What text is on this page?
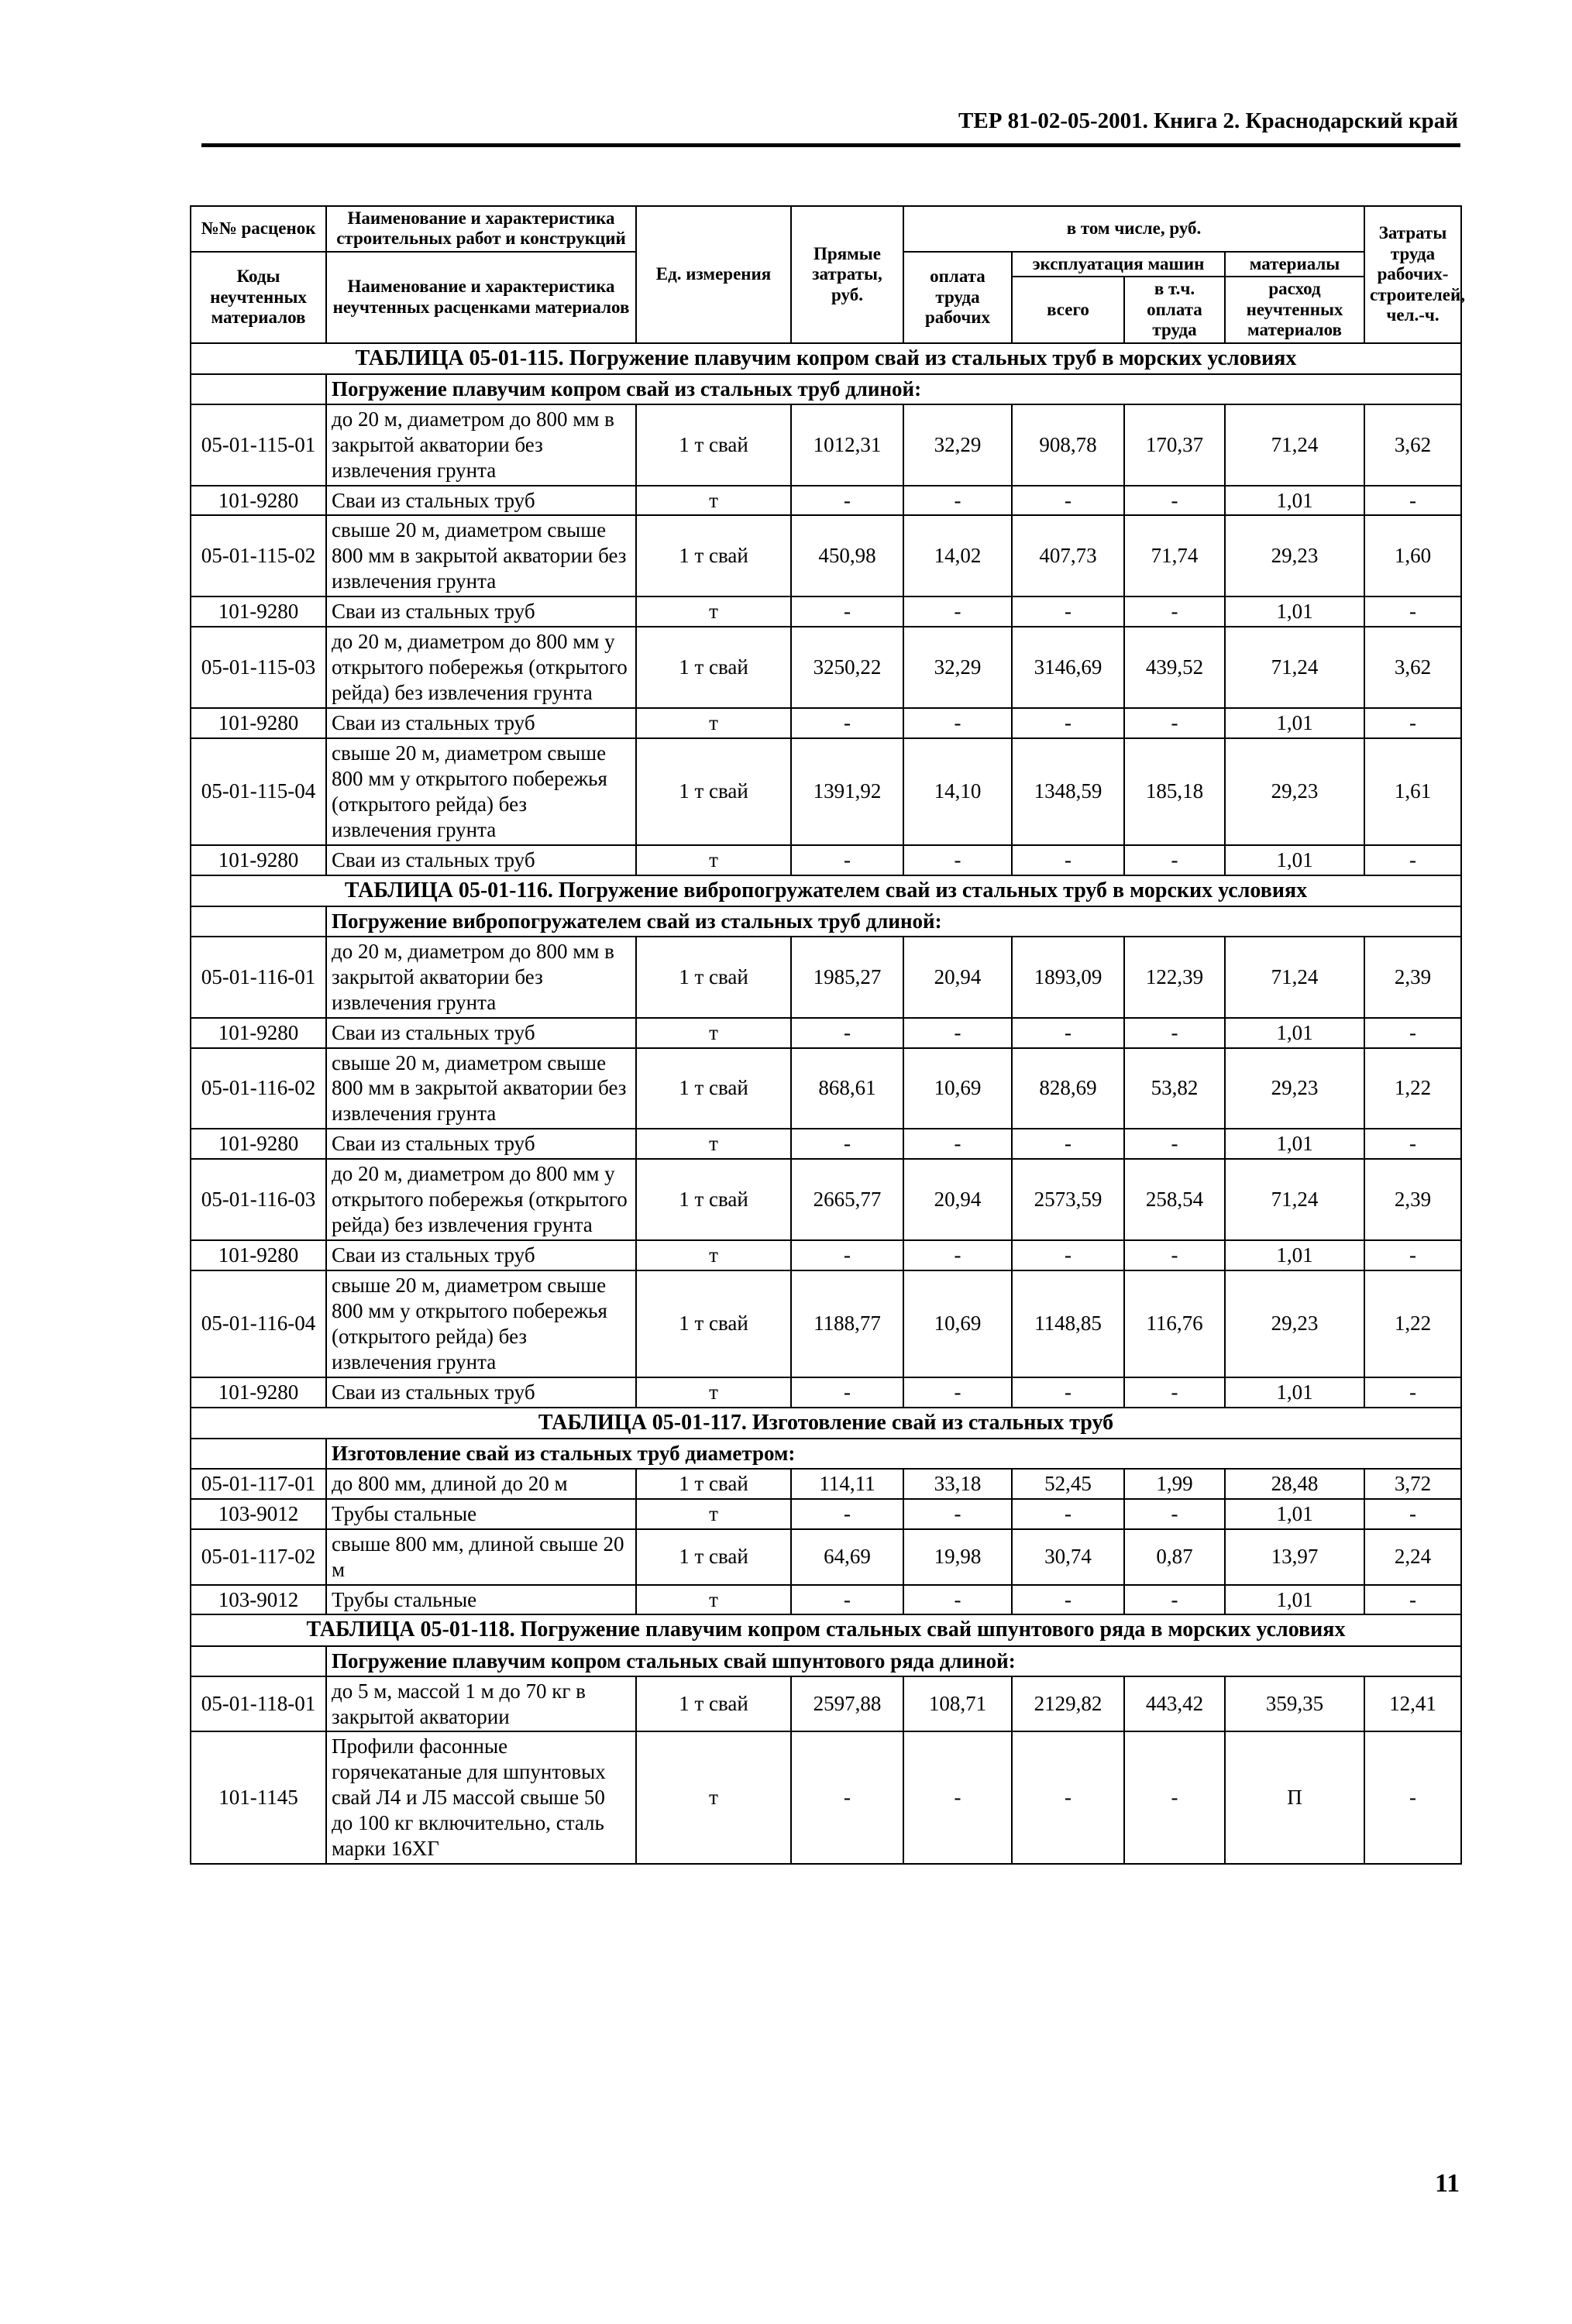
ТЕР 81-02-05-2001. Книга 2. Краснодарский край
№№ расценок	Наименование и характеристика строительных работ и конструкций	Ед. измерения	Прямые затраты, руб.	в том числе, руб.				Затраты труда рабочих-строителей, чел.-ч.
Коды неучтенных материалов	Наименование и характеристика неучтенных расценками материалов			оплата труда рабочих	эксплуатация машин		материалы	
					всего	в т.ч. оплата труда	расход неучтенных материалов	
ТАБЛИЦА 05-01-115. Погружение плавучим копром свай из стальных труб в морских условиях								
	Погружение плавучим копром свай из стальных труб длиной:							
05-01-115-01	до 20 м, диаметром до 800 мм в закрытой акватории без извлечения грунта	1 т свай	1012,31	32,29	908,78	170,37	71,24	3,62
101-9280	Сваи из стальных труб	т	-	-	-	-	1,01	-
05-01-115-02	свыше 20 м, диаметром свыше 800 мм в закрытой акватории без извлечения грунта	1 т свай	450,98	14,02	407,73	71,74	29,23	1,60
101-9280	Сваи из стальных труб	т	-	-	-	-	1,01	-
05-01-115-03	до 20 м, диаметром до 800 мм у открытого побережья (открытого рейда) без извлечения грунта	1 т свай	3250,22	32,29	3146,69	439,52	71,24	3,62
101-9280	Сваи из стальных труб	т	-	-	-	-	1,01	-
05-01-115-04	свыше 20 м, диаметром свыше 800 мм у открытого побережья (открытого рейда) без извлечения грунта	1 т свай	1391,92	14,10	1348,59	185,18	29,23	1,61
101-9280	Сваи из стальных труб	т	-	-	-	-	1,01	-
ТАБЛИЦА 05-01-116. Погружение вибропогружателем свай из стальных труб в морских условиях								
	Погружение вибропогружателем свай из стальных труб длиной:							
05-01-116-01	до 20 м, диаметром до 800 мм в закрытой акватории без извлечения грунта	1 т свай	1985,27	20,94	1893,09	122,39	71,24	2,39
101-9280	Сваи из стальных труб	т	-	-	-	-	1,01	-
05-01-116-02	свыше 20 м, диаметром свыше 800 мм в закрытой акватории без извлечения грунта	1 т свай	868,61	10,69	828,69	53,82	29,23	1,22
101-9280	Сваи из стальных труб	т	-	-	-	-	1,01	-
05-01-116-03	до 20 м, диаметром до 800 мм у открытого побережья (открытого рейда) без извлечения грунта	1 т свай	2665,77	20,94	2573,59	258,54	71,24	2,39
101-9280	Сваи из стальных труб	т	-	-	-	-	1,01	-
05-01-116-04	свыше 20 м, диаметром свыше 800 мм у открытого побережья (открытого рейда) без извлечения грунта	1 т свай	1188,77	10,69	1148,85	116,76	29,23	1,22
101-9280	Сваи из стальных труб	т	-	-	-	-	1,01	-
ТАБЛИЦА 05-01-117. Изготовление свай из стальных труб								
	Изготовление свай из стальных труб диаметром:							
05-01-117-01	до 800 мм, длиной до 20 м	1 т свай	114,11	33,18	52,45	1,99	28,48	3,72
103-9012	Трубы стальные	т	-	-	-	-	1,01	-
05-01-117-02	свыше 800 мм, длиной свыше 20 м	1 т свай	64,69	19,98	30,74	0,87	13,97	2,24
103-9012	Трубы стальные	т	-	-	-	-	1,01	-
ТАБЛИЦА 05-01-118. Погружение плавучим копром стальных свай шпунтового ряда в морских условиях								
	Погружение плавучим копром стальных свай шпунтового ряда длиной:							
05-01-118-01	до 5 м, массой 1 м до 70 кг в закрытой акватории	1 т свай	2597,88	108,71	2129,82	443,42	359,35	12,41
101-1145	Профили фасонные горячекатаные для шпунтовых свай Л4 и Л5 массой свыше 50 до 100 кг включительно, сталь марки 16ХГ	т	-	-	-	-	П	-
11
